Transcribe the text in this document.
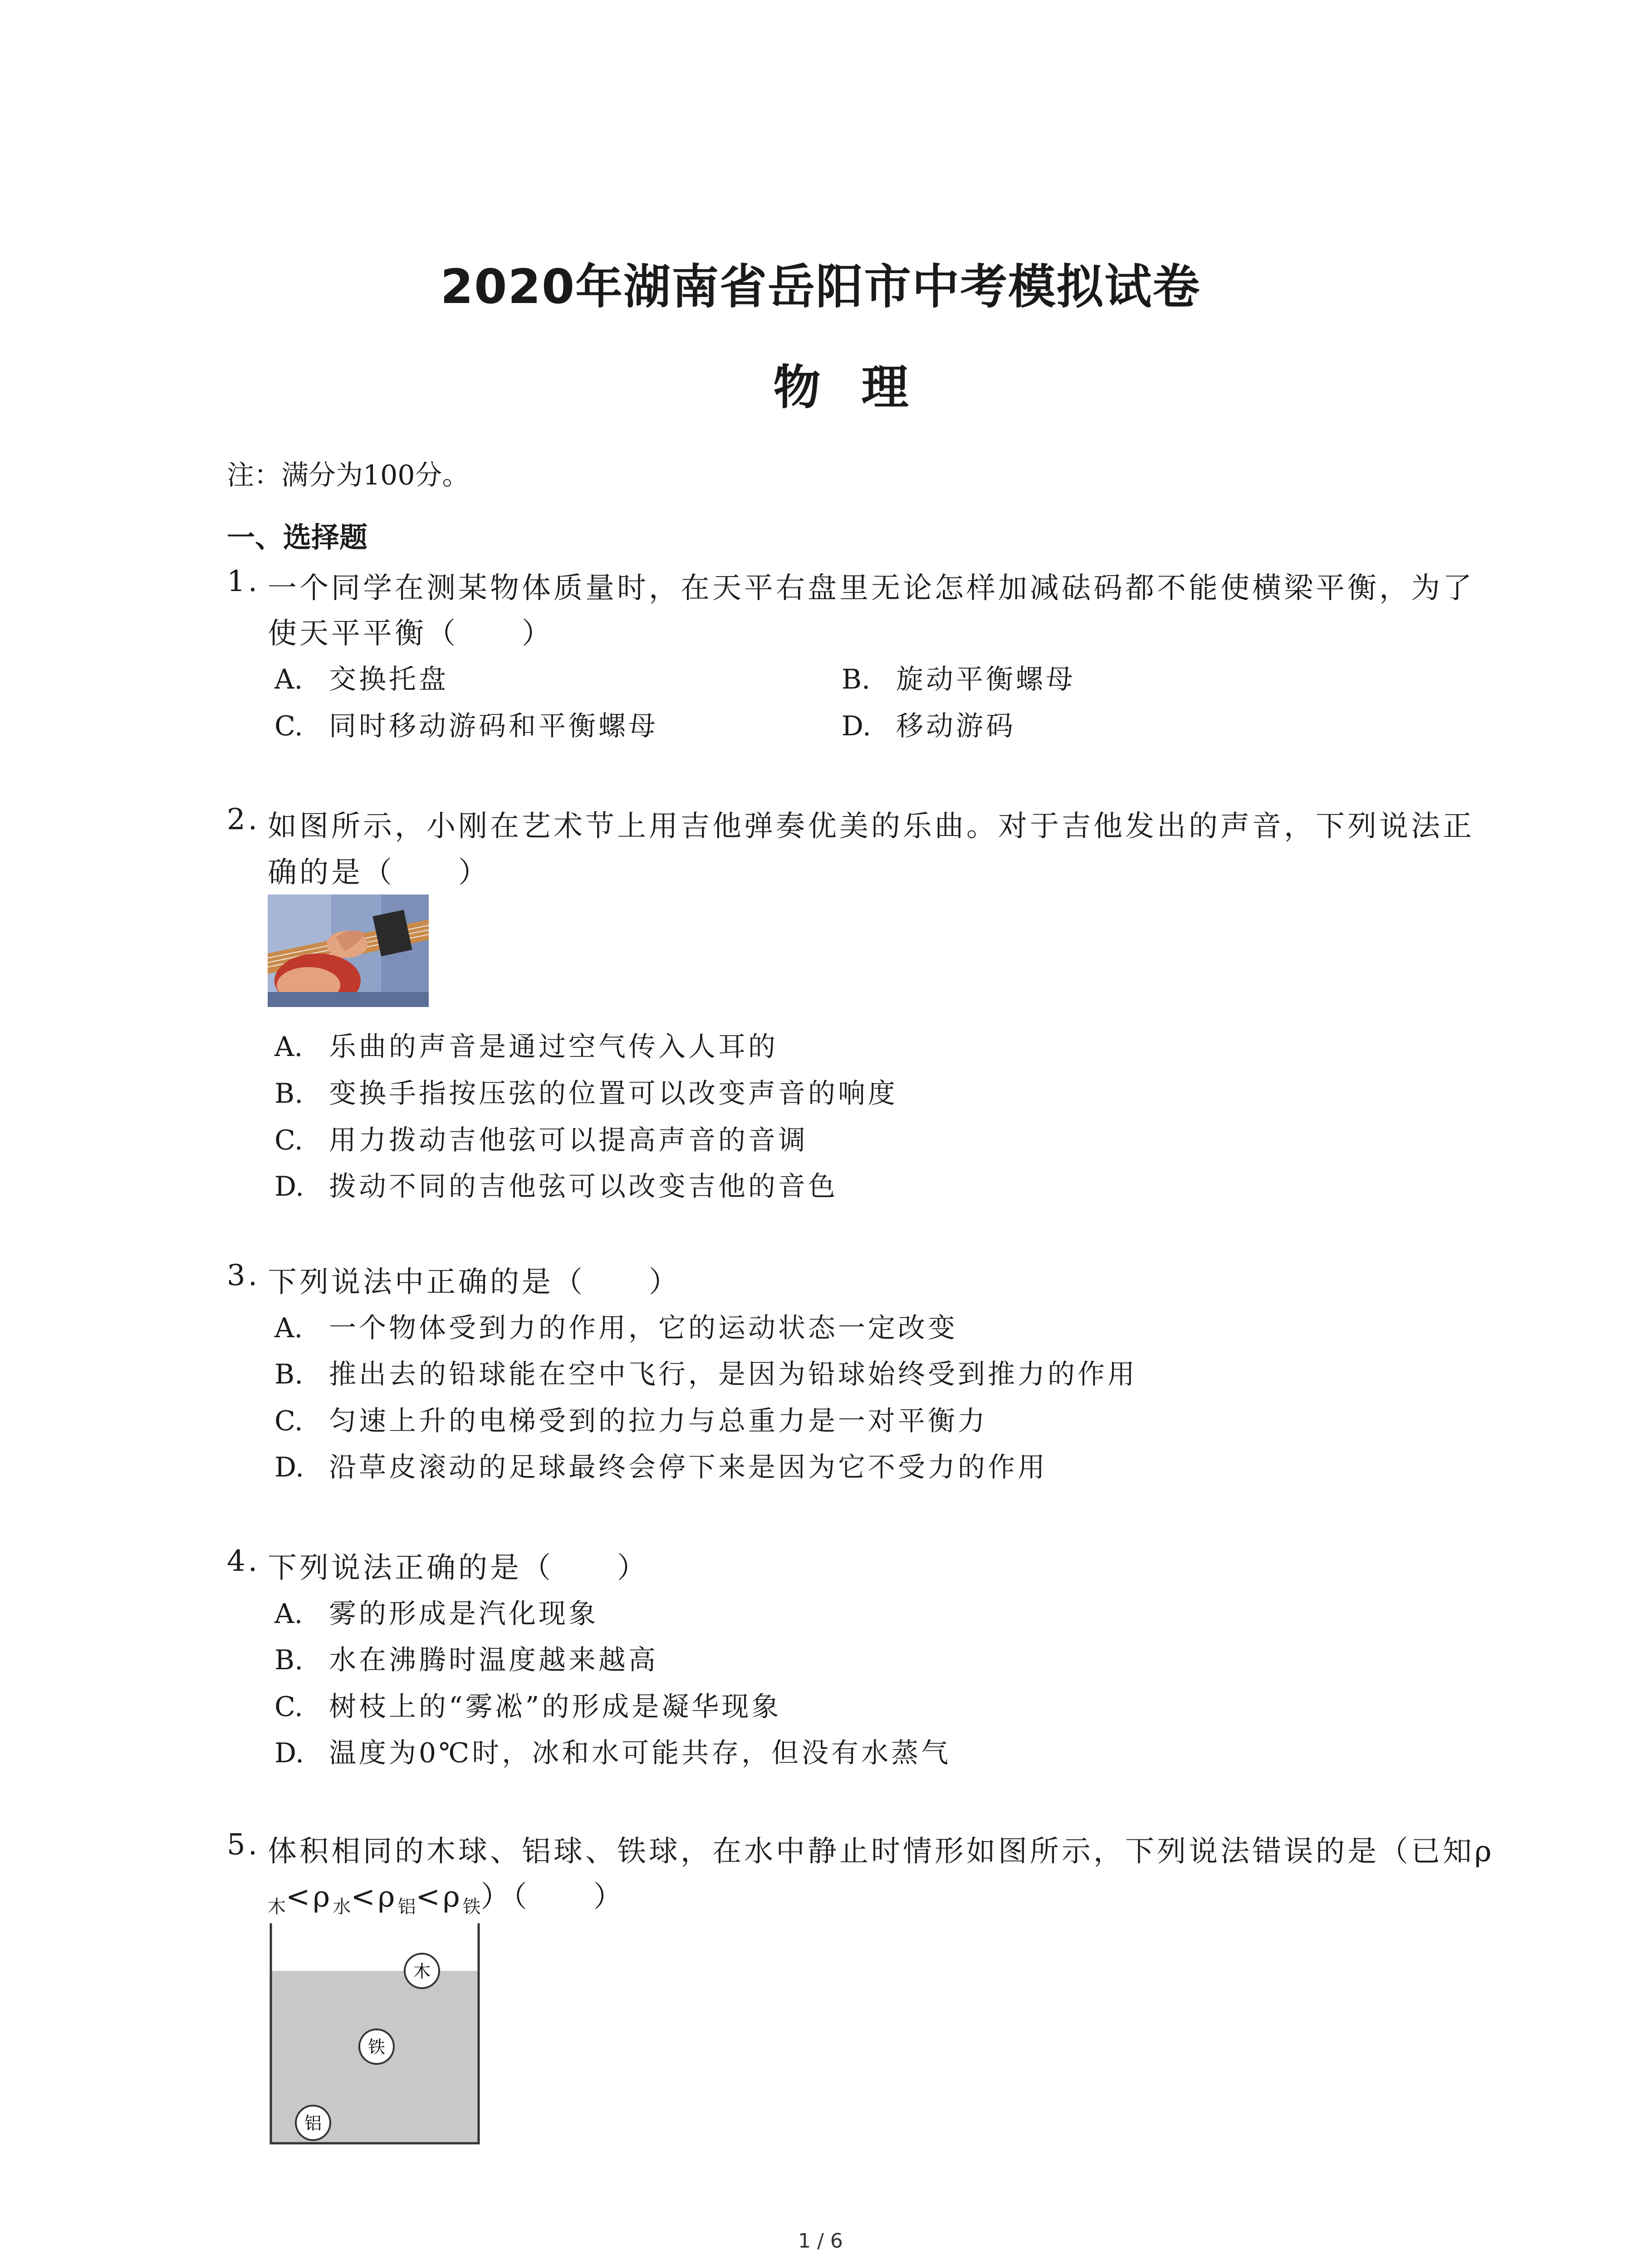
2020年湖南省岳阳市中考模拟试卷
物理
注：满分为100分。
一、选择题
1. 一个同学在测某物体质量时，在天平右盘里无论怎样加减砝码都不能使横梁平衡，为了
使天平平衡（　　）
A. 交换托盘	B. 旋动平衡螺母
C. 同时移动游码和平衡螺母	D. 移动游码
2. 如图所示，小刚在艺术节上用吉他弹奏优美的乐曲。对于吉他发出的声音，下列说法正
确的是（　　）
A. 乐曲的声音是通过空气传入人耳的
B. 变换手指按压弦的位置可以改变声音的响度
C. 用力拨动吉他弦可以提高声音的音调
D. 拨动不同的吉他弦可以改变吉他的音色
3. 下列说法中正确的是（　　）
A. 一个物体受到力的作用，它的运动状态一定改变
B. 推出去的铅球能在空中飞行，是因为铅球始终受到推力的作用
C. 匀速上升的电梯受到的拉力与总重力是一对平衡力
D. 沿草皮滚动的足球最终会停下来是因为它不受力的作用
4. 下列说法正确的是（　　）
A. 雾的形成是汽化现象
B. 水在沸腾时温度越来越高
C. 树枝上的“雾凇”的形成是凝华现象
D. 温度为0℃时，冰和水可能共存，但没有水蒸气
5. 体积相同的木球、铝球、铁球，在水中静止时情形如图所示，下列说法错误的是（已知ρ
$_木<\rho_水<\rho_铝<\rho_铁$）（　　）
木
铁
铝
1 / 6
